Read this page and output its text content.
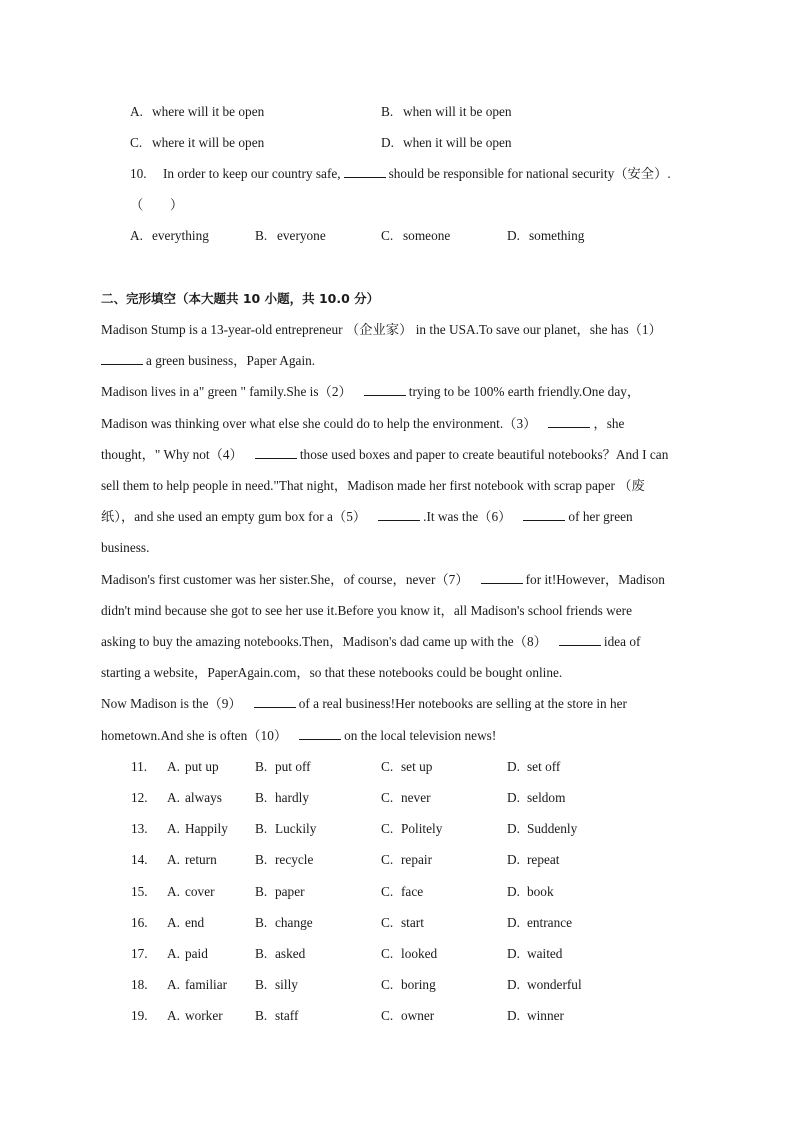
A. where will it be open	B. when will it be open
C. where it will be open	D. when it will be open
10. In order to keep our country safe,	should be responsible for national security（安全）.
（　　）
A. everything	B. everyone	C. someone	D. something
二、完形填空（本大题共 10 小题，共 10.0 分）
Madison Stump is a 13-year-old entrepreneur （企业家） in the USA.To save our planet，she has（1）
a green business，Paper Again.
Madison lives in a" green " family.She is（2）	trying to be 100% earth friendly.One day，
Madison was thinking over what else she could do to help the environment.（3）	，she
thought，" Why not（4）	those used boxes and paper to create beautiful notebooks？And I can
sell them to help people in need."That night，Madison made her first notebook with scrap paper （废
纸），and she used an empty gum box for a（5）	.It was the（6）	of her green
business.
Madison's first customer was her sister.She，of course，never（7）	for it!However，Madison
didn't mind because she got to see her use it.Before you know it，all Madison's school friends were
asking to buy the amazing notebooks.Then，Madison's dad came up with the（8）	idea of
starting a website，PaperAgain.com，so that these notebooks could be bought online.
Now Madison is the（9）	of a real business!Her notebooks are selling at the store in her
hometown.And she is often（10）	on the local television news!
11. A. put up	B. put off	C. set up	D. set off
12. A. always B. hardly	C. never	D. seldom
13. A. Happily B. Luckily	C. Politely	D. Suddenly
14. A. return	B. recycle	C. repair	D. repeat
15. A. cover	B. paper	C. face	D. book
16. A. end	B. change	C. start	D. entrance
17. A. paid	B. asked	C. looked	D. waited
18. A. familiar B. silly	C. boring	D. wonderful
19. A. worker B. staff	C. owner	D. winner
